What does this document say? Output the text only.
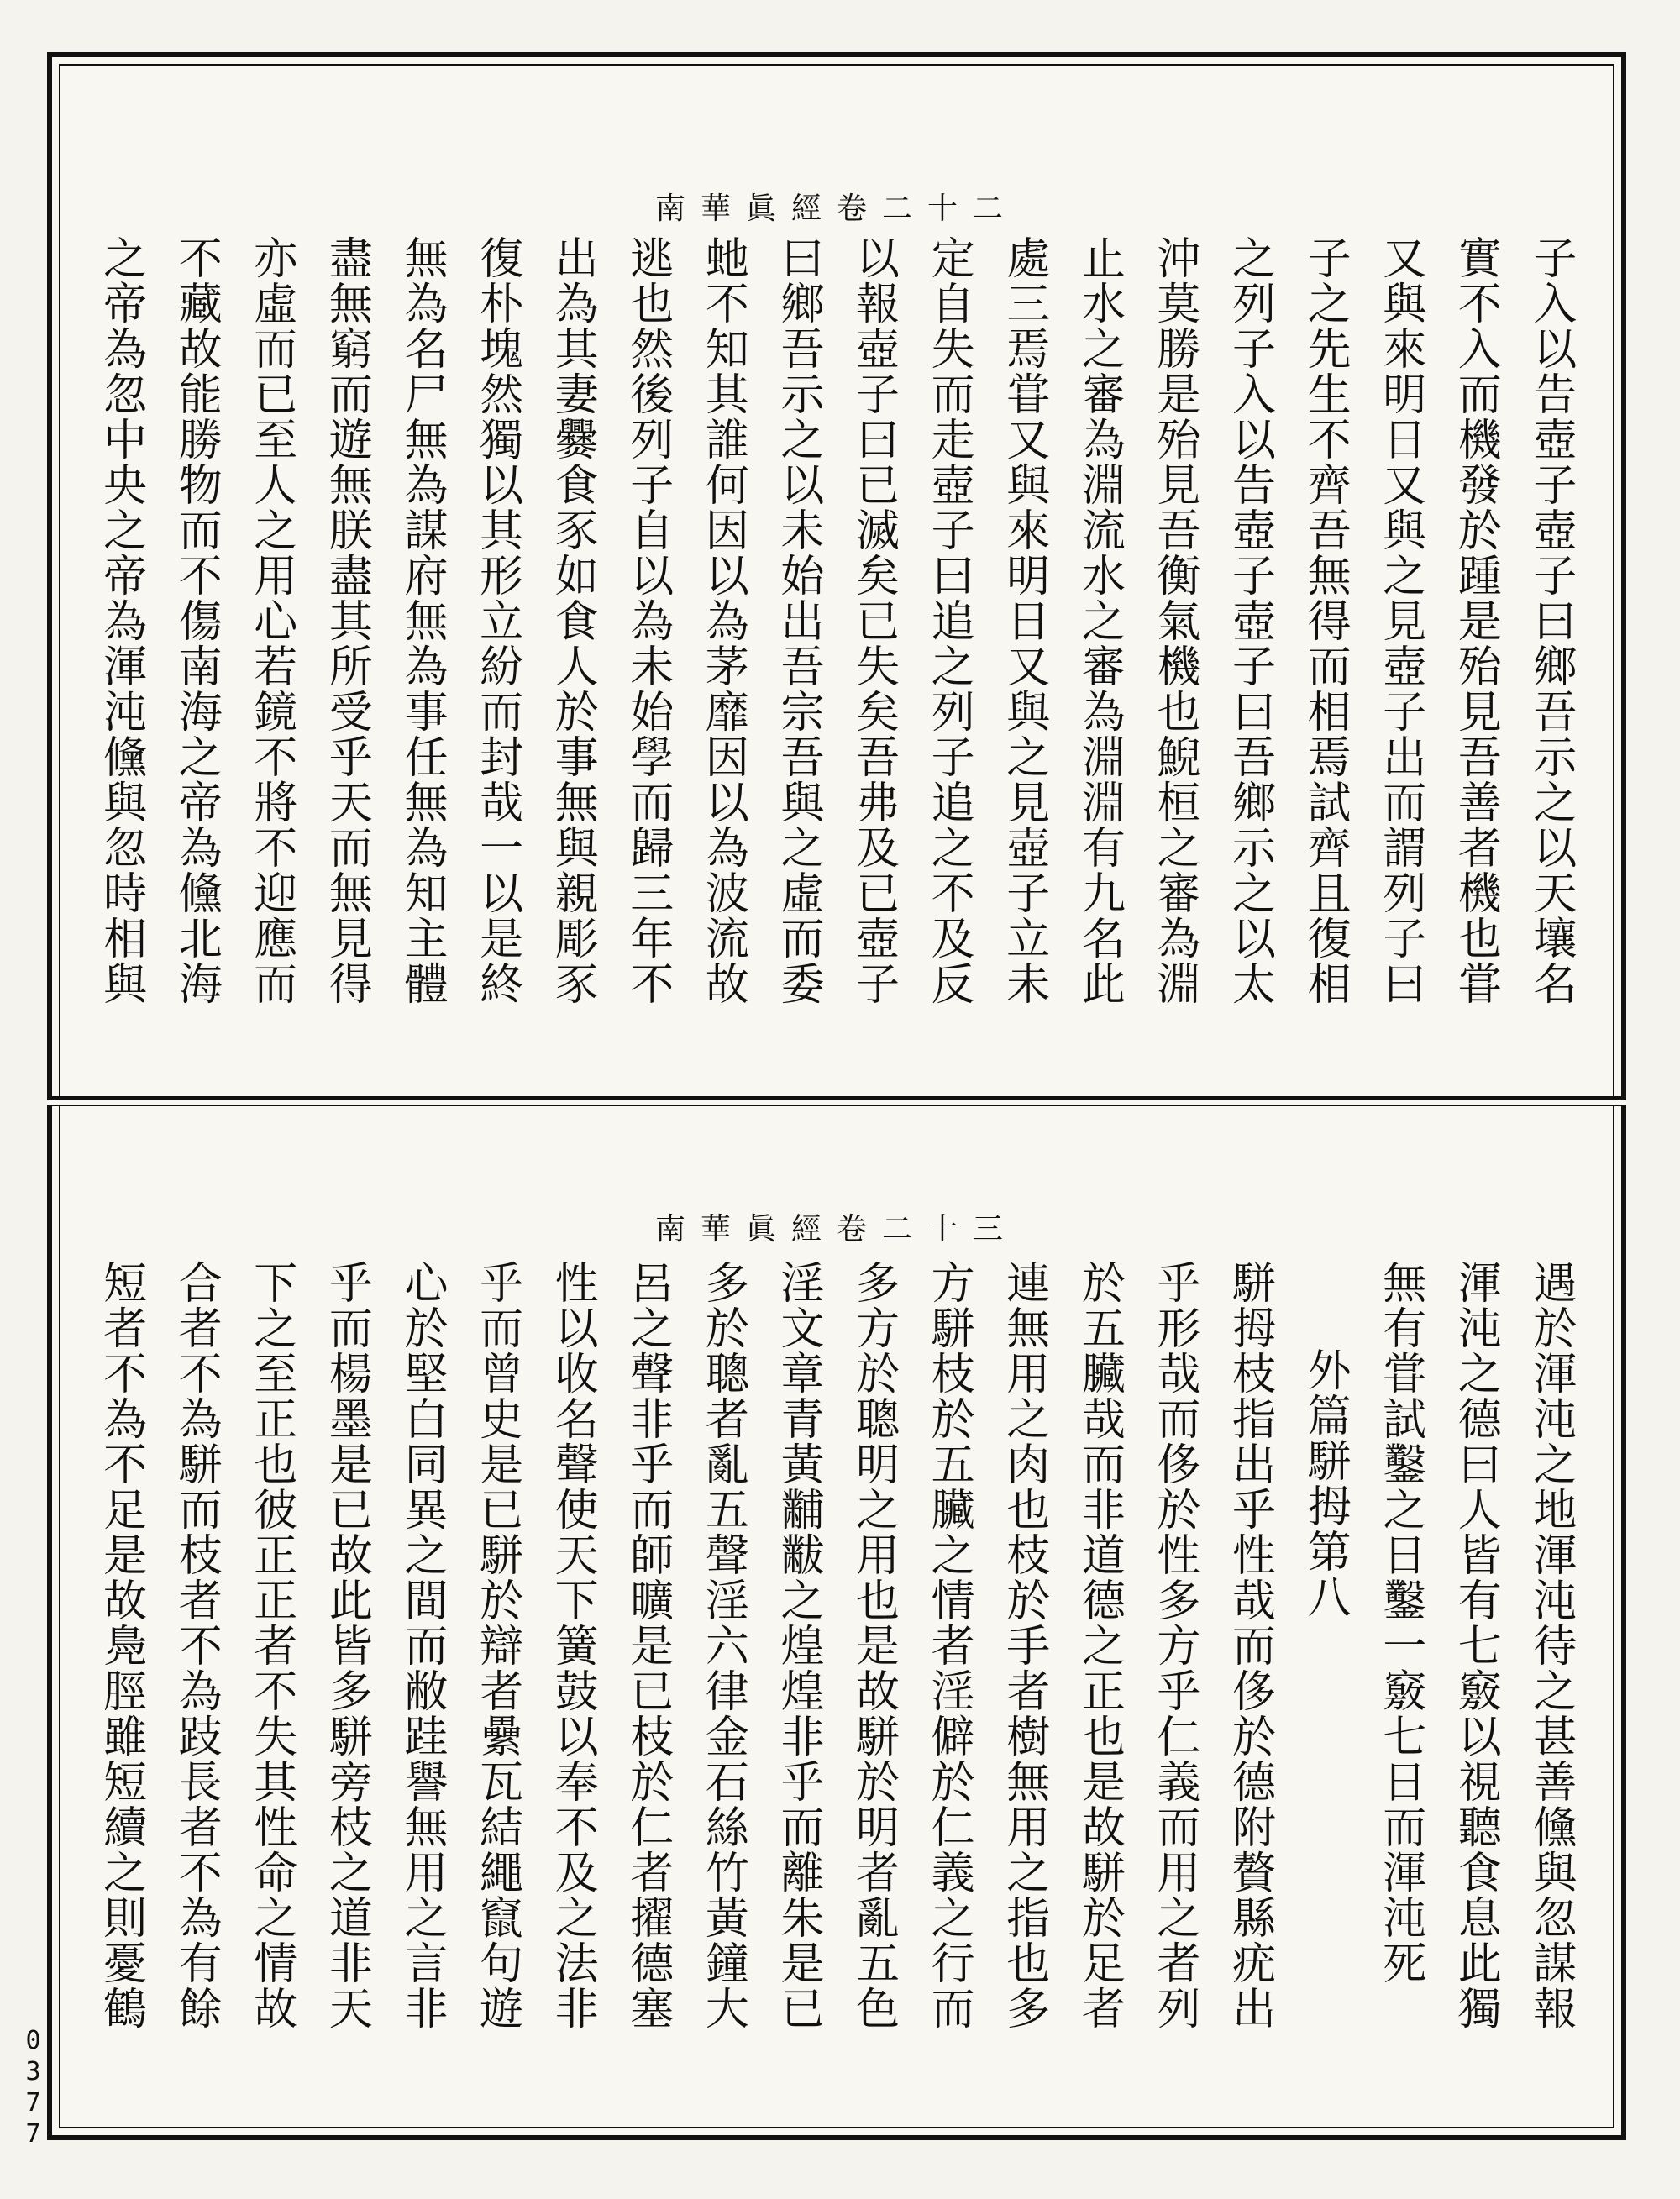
南華眞經卷二十二
子入以告壺子壺子曰鄉吾示之以天壤名
實不入而機發於踵是殆見吾善者機也甞
又與來明日又與之見壺子出而謂列子曰
子之先生不齊吾無得而相焉試齊且復相
之列子入以告壺子壺子曰吾鄉示之以太
沖莫勝是殆見吾衡氣機也鯢桓之審為淵
止水之審為淵流水之審為淵淵有九名此
處三焉甞又與來明日又與之見壺子立未
定自失而走壺子曰追之列子追之不及反
以報壺子曰已滅矣已失矣吾弗及已壺子
曰鄉吾示之以未始出吾宗吾與之虛而委
虵不知其誰何因以為茅靡因以為波流故
逃也然後列子自以為未始學而歸三年不
出為其妻爨食豕如食人於事無與親彫豕
復朴塊然獨以其形立紛而封哉一以是終
無為名尸無為謀府無為事任無為知主體
盡無窮而遊無朕盡其所受乎天而無見得
亦虛而已至人之用心若鏡不將不迎應而
不藏故能勝物而不傷南海之帝為儵北海
之帝為忽中央之帝為渾沌儵與忽時相與
南華眞經卷二十三
遇於渾沌之地渾沌待之甚善儵與忽謀報
渾沌之德曰人皆有七竅以視聽食息此獨
無有甞試鑿之日鑿一竅七日而渾沌死
外篇駢拇第八
駢拇枝指出乎性哉而侈於德附贅縣疣出
乎形哉而侈於性多方乎仁義而用之者列
於五臟哉而非道德之正也是故駢於足者
連無用之肉也枝於手者樹無用之指也多
方駢枝於五臟之情者淫僻於仁義之行而
多方於聰明之用也是故駢於明者亂五色
淫文章青黃黼黻之煌煌非乎而離朱是已
多於聰者亂五聲淫六律金石絲竹黃鐘大
呂之聲非乎而師曠是已枝於仁者擢德塞
性以收名聲使天下簧鼓以奉不及之法非
乎而曾史是已駢於辯者纍瓦結繩竄句遊
心於堅白同異之間而敝跬譽無用之言非
乎而楊墨是已故此皆多駢旁枝之道非天
下之至正也彼正正者不失其性命之情故
合者不為駢而枝者不為跂長者不為有餘
短者不為不足是故鳧脛雖短續之則憂鶴
0377
